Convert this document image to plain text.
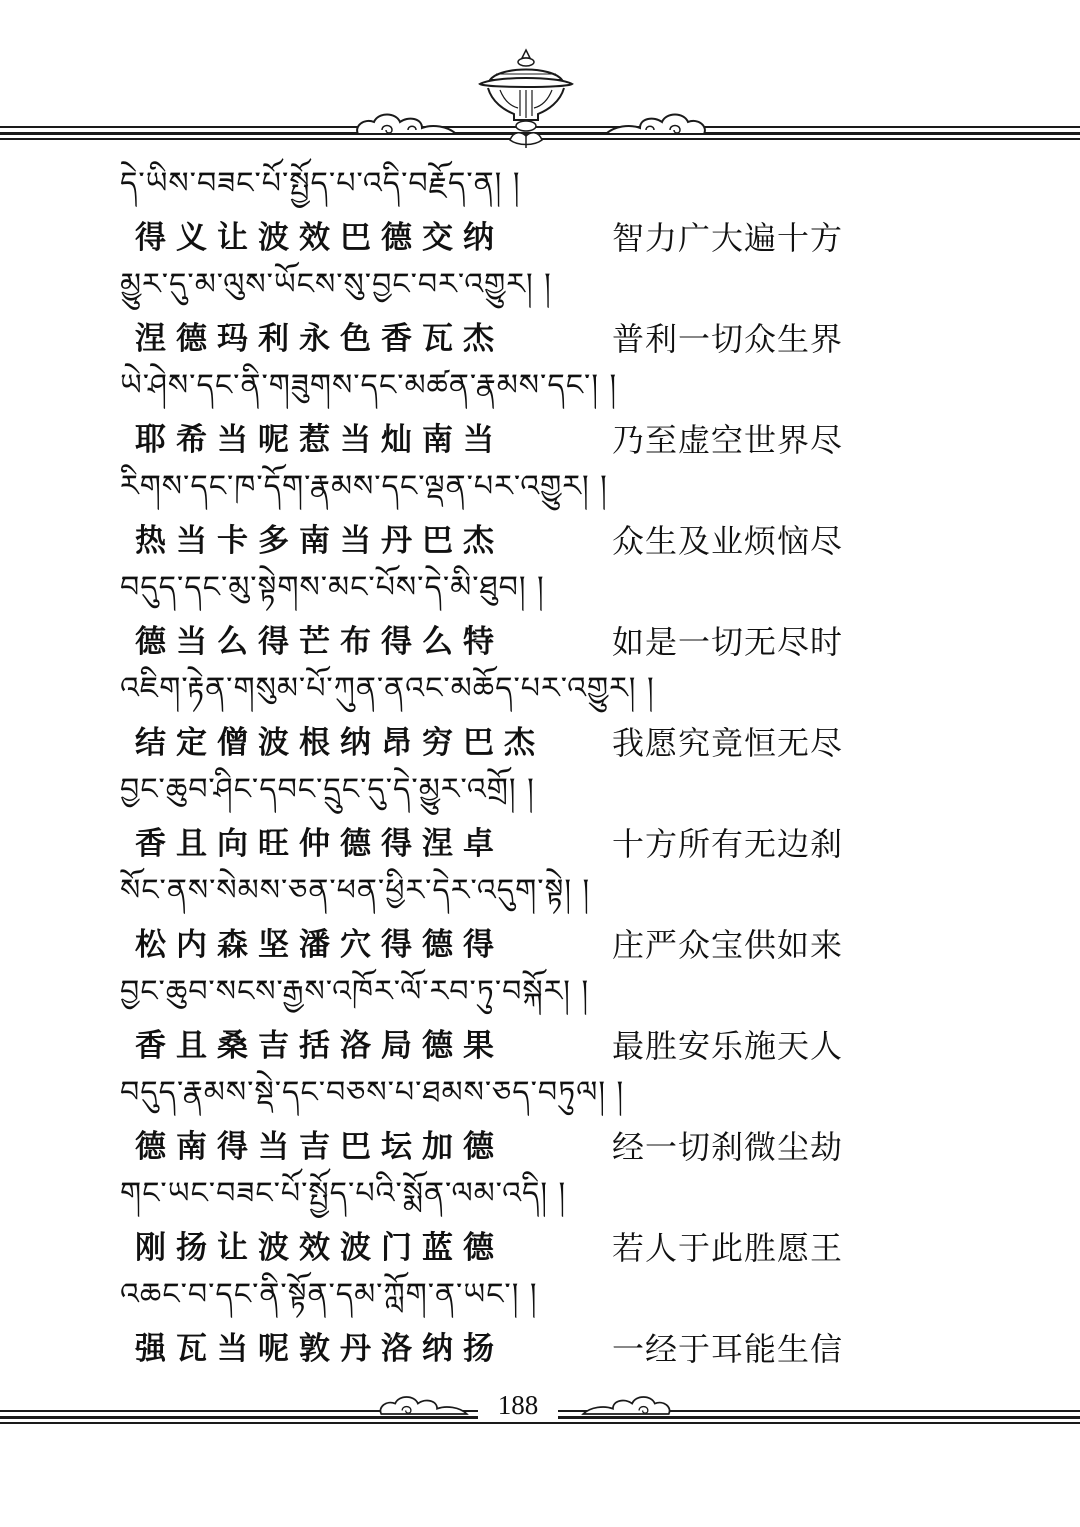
དེ་ཡིས་བཟང་པོ་སྤྱོད་པ་འདི་བརྗོད་ན། །
得义让波效巴德交纳	智力广大遍十方
མྱུར་དུ་མ་ལུས་ཡོངས་སུ་བྱང་བར་འགྱུར། །
涅德玛利永色香瓦杰	普利一切众生界
ཡེ་ཤེས་དང་ནི་གཟུགས་དང་མཚན་རྣམས་དང་། །
耶希当呢惹当灿南当	乃至虚空世界尽
རིགས་དང་ཁ་དོག་རྣམས་དང་ལྡན་པར་འགྱུར། །
热当卡多南当丹巴杰	众生及业烦恼尽
བདུད་དང་མུ་སྟེགས་མང་པོས་དེ་མི་ཐུབ། །
德当么得芒布得么特	如是一切无尽时
འཇིག་རྟེན་གསུམ་པོ་ཀུན་ནའང་མཆོད་པར་འགྱུར། །
结定僧波根纳昂穷巴杰 我愿究竟恒无尽
བྱང་ཆུབ་ཤིང་དབང་དྲུང་དུ་དེ་མྱུར་འགྲོ། །
香且向旺仲德得涅卓	十方所有无边刹
སོང་ནས་སེམས་ཅན་ཕན་ཕྱིར་དེར་འདུག་སྟེ། །
松内森坚潘穴得德得	庄严众宝供如来
བྱང་ཆུབ་སངས་རྒྱས་འཁོར་ལོ་རབ་ཏུ་བསྐོར། །
香且桑吉括洛局德果	最胜安乐施天人
བདུད་རྣམས་སྡེ་དང་བཅས་པ་ཐམས་ཅད་བཏུལ། །
德南得当吉巴坛加德	经一切刹微尘劫
གང་ཡང་བཟང་པོ་སྤྱོད་པའི་སྨོན་ལམ་འདི། །
刚扬让波效波门蓝德	若人于此胜愿王
འཆང་བ་དང་ནི་སྟོན་དམ་ཀློག་ན་ཡང་། །
强瓦当呢敦丹洛纳扬	一经于耳能生信
188
